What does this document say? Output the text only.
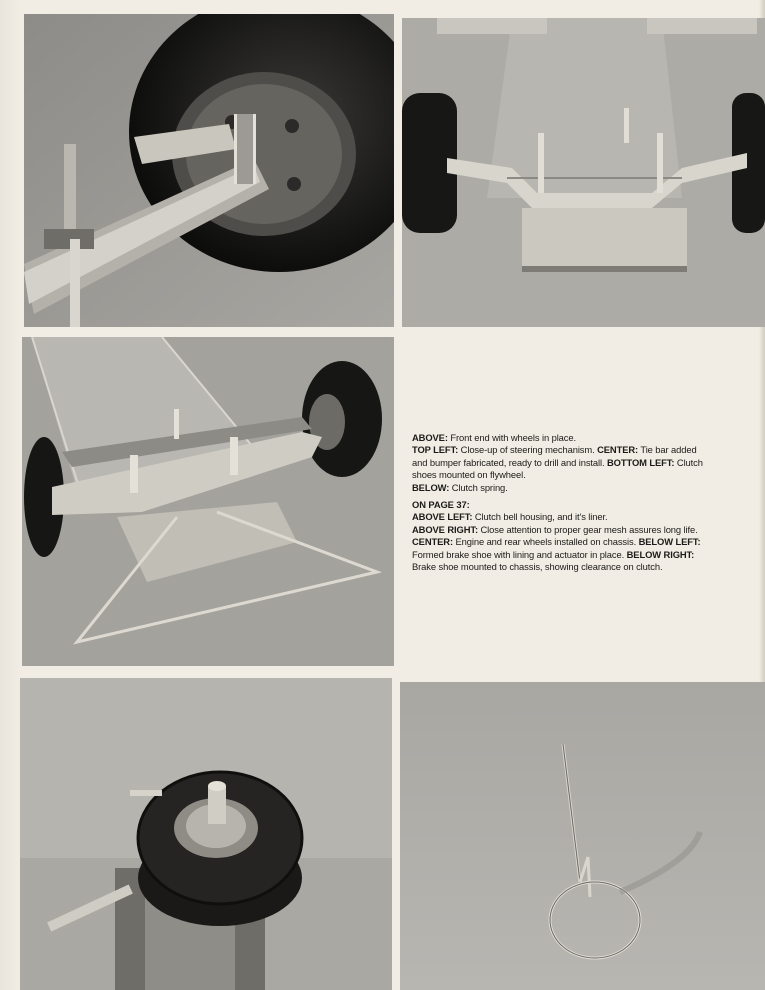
ABOVE: Front end with wheels in place.
TOP LEFT: Close-up of steering mechanism. CENTER: Tie bar added and bumper fabricated, ready to drill and install. BOTTOM LEFT: Clutch shoes mounted on flywheel.
BELOW: Clutch spring.
ON PAGE 37:
ABOVE LEFT: Clutch bell housing, and it's liner.
ABOVE RIGHT: Close attention to proper gear mesh assures long life. CENTER: Engine and rear wheels installed on chassis. BELOW LEFT: Formed brake shoe with lining and actuator in place. BELOW RIGHT: Brake shoe mounted to chassis, showing clearance on clutch.
